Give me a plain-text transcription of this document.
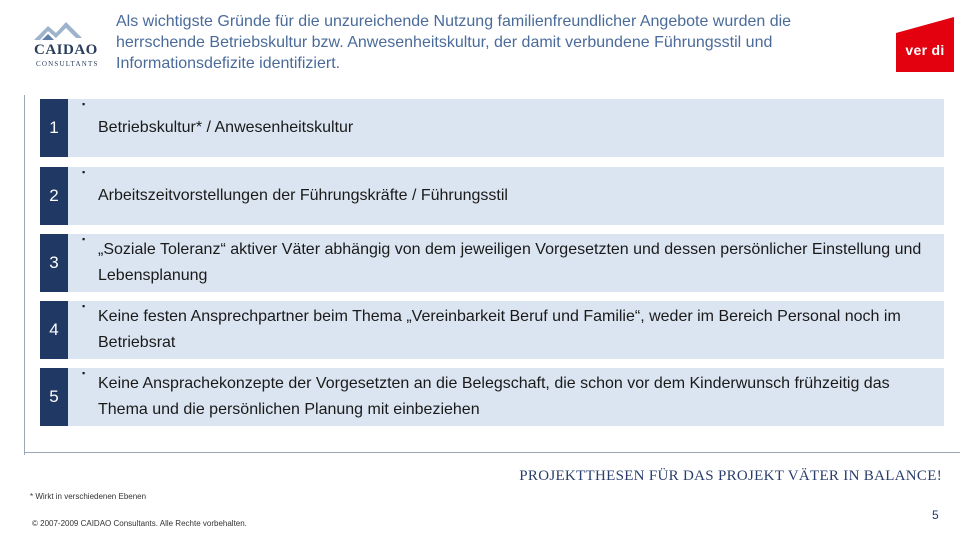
CAIDAO
CONSULTANTS
Als wichtigste Gründe für die unzureichende Nutzung familienfreundlicher Angebote wurden die herrschende Betriebskultur bzw. Anwesenheitskultur, der damit verbundene Führungsstil und Informationsdefizite identifiziert.
ver di
1
▪
Betriebskultur* / Anwesenheitskultur
2
▪
Arbeitszeitvorstellungen der Führungskräfte / Führungsstil
3
▪
„Soziale Toleranz“ aktiver Väter abhängig von dem jeweiligen Vorgesetzten und dessen persönlicher Einstellung und Lebensplanung
4
▪
Keine festen Ansprechpartner beim Thema „Vereinbarkeit Beruf und Familie“, weder im Bereich Personal noch im Betriebsrat
5
▪
Keine Ansprachekonzepte der Vorgesetzten an die Belegschaft, die schon vor dem Kinderwunsch frühzeitig das Thema und die persönlichen Planung mit einbeziehen
PROJEKTTHESEN FÜR DAS PROJEKT VÄTER IN BALANCE!
* Wirkt in verschiedenen Ebenen
© 2007-2009 CAIDAO Consultants. Alle Rechte vorbehalten.
5
